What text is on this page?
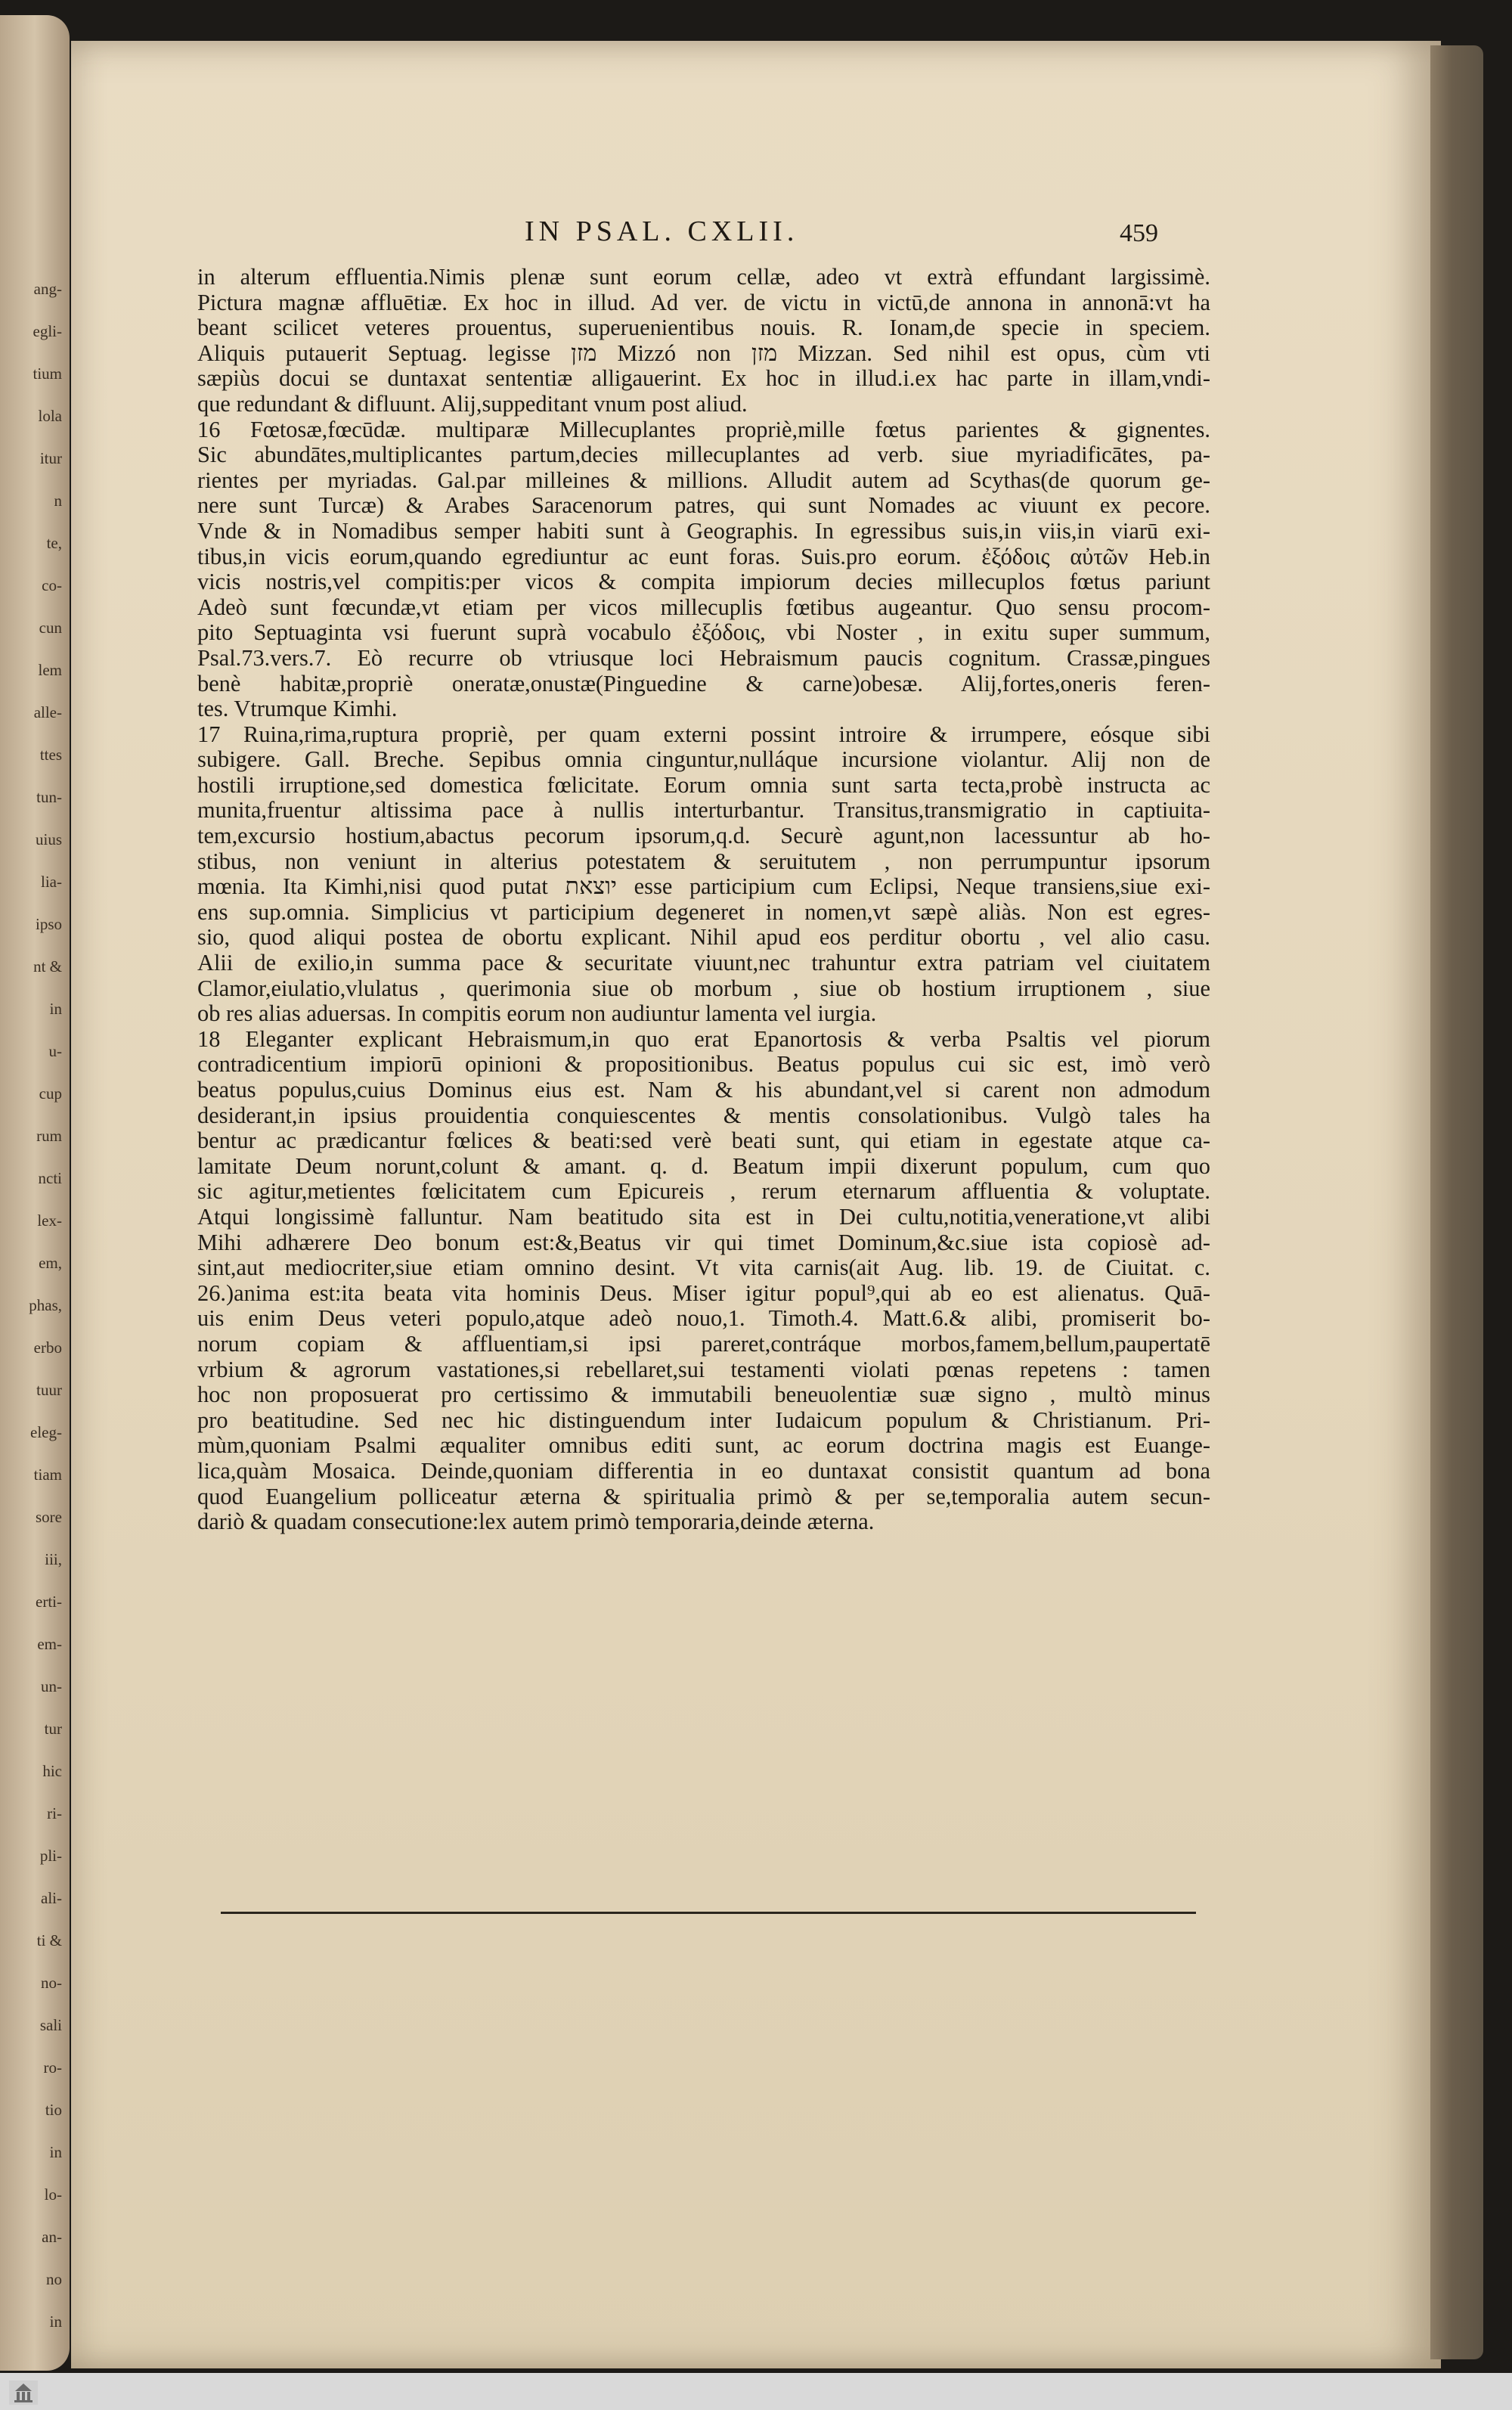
ang-
egli-
tium
lola
itur
n
te,
co-
cun
lem
alle-
ttes
tun-
uius
lia-
ipso
nt &
in
u-
cup
rum
ncti
lex-
em,
phas,
erbo
tuur
eleg-
tiam
sore
iii,
erti-
em-
un-
tur
hic
ri-
pli-
ali-
ti &
no-
sali
ro-
tio
in
lo-
an-
no
in
IN PSAL. CXLII.	459
in alterum effluentia.Nimis plenæ sunt eorum cellæ, adeo vt extrà effundant largissimè.
Pictura magnæ affluētiæ. Ex hoc in illud. Ad ver. de victu in victū,de annona in annonā:vt ha
beant scilicet veteres prouentus, superuenientibus nouis. R. Ionam,de specie in speciem.
Aliquis putauerit Septuag. legisse מזן Mizzó non מזן Mizzan. Sed nihil est opus, cùm vti
sæpiùs docui se duntaxat sententiæ alligauerint. Ex hoc in illud.i.ex hac parte in illam,vndi-
que redundant & difluunt. Alij,suppeditant vnum post aliud.
16 Fœtosæ,fœcūdæ. multiparæ Millecuplantes propriè,mille fœtus parientes & gignentes.
Sic abundātes,multiplicantes partum,decies millecuplantes ad verb. siue myriadificātes, pa-
rientes per myriadas. Gal.par milleines & millions. Alludit autem ad Scythas(de quorum ge-
nere sunt Turcæ) & Arabes Saracenorum patres, qui sunt Nomades ac viuunt ex pecore.
Vnde & in Nomadibus semper habiti sunt à Geographis. In egressibus suis,in viis,in viarū exi-
tibus,in vicis eorum,quando egrediuntur ac eunt foras. Suis.pro eorum. ἐξόδοις αὐτῶν Heb.in
vicis nostris,vel compitis:per vicos & compita impiorum decies millecuplos fœtus pariunt
Adeò sunt fœcundæ,vt etiam per vicos millecuplis fœtibus augeantur. Quo sensu procom-
pito Septuaginta vsi fuerunt suprà vocabulo ἐξόδοις, vbi Noster , in exitu super summum,
Psal.73.vers.7. Eò recurre ob vtriusque loci Hebraismum paucis cognitum. Crassæ,pingues
benè habitæ,propriè oneratæ,onustæ(Pinguedine & carne)obesæ. Alij,fortes,oneris feren-
tes. Vtrumque Kimhi.
17 Ruina,rima,ruptura propriè, per quam externi possint introire & irrumpere, eósque sibi
subigere. Gall. Breche. Sepibus omnia cinguntur,nulláque incursione violantur. Alij non de
hostili irruptione,sed domestica fœlicitate. Eorum omnia sunt sarta tecta,probè instructa ac
munita,fruentur altissima pace à nullis interturbantur. Transitus,transmigratio in captiuita-
tem,excursio hostium,abactus pecorum ipsorum,q.d. Securè agunt,non lacessuntur ab ho-
stibus, non veniunt in alterius potestatem & seruitutem , non perrumpuntur ipsorum
mœnia. Ita Kimhi,nisi quod putat יוצאת esse participium cum Eclipsi, Neque transiens,siue exi-
ens sup.omnia. Simplicius vt participium degeneret in nomen,vt sæpè aliàs. Non est egres-
sio, quod aliqui postea de obortu explicant. Nihil apud eos perditur obortu , vel alio casu.
Alii de exilio,in summa pace & securitate viuunt,nec trahuntur extra patriam vel ciuitatem
Clamor,eiulatio,vlulatus , querimonia siue ob morbum , siue ob hostium irruptionem , siue
ob res alias aduersas. In compitis eorum non audiuntur lamenta vel iurgia.
18 Eleganter explicant Hebraismum,in quo erat Epanortosis & verba Psaltis vel piorum
contradicentium impiorū opinioni & propositionibus. Beatus populus cui sic est, imò verò
beatus populus,cuius Dominus eius est. Nam & his abundant,vel si carent non admodum
desiderant,in ipsius prouidentia conquiescentes & mentis consolationibus. Vulgò tales ha
bentur ac prædicantur fœlices & beati:sed verè beati sunt, qui etiam in egestate atque ca-
lamitate Deum norunt,colunt & amant. q. d. Beatum impii dixerunt populum, cum quo
sic agitur,metientes fœlicitatem cum Epicureis , rerum eternarum affluentia & voluptate.
Atqui longissimè falluntur. Nam beatitudo sita est in Dei cultu,notitia,veneratione,vt alibi
Mihi adhærere Deo bonum est:&,Beatus vir qui timet Dominum,&c.siue ista copiosè ad-
sint,aut mediocriter,siue etiam omnino desint. Vt vita carnis(ait Aug. lib. 19. de Ciuitat. c.
26.)anima est:ita beata vita hominis Deus. Miser igitur popul⁹,qui ab eo est alienatus. Quā-
uis enim Deus veteri populo,atque adeò nouo,1. Timoth.4. Matt.6.& alibi, promiserit bo-
norum copiam & affluentiam,si ipsi pareret,contráque morbos,famem,bellum,paupertatē
vrbium & agrorum vastationes,si rebellaret,sui testamenti violati pœnas repetens : tamen
hoc non proposuerat pro certissimo & immutabili beneuolentiæ suæ signo , multò minus
pro beatitudine. Sed nec hic distinguendum inter Iudaicum populum & Christianum. Pri-
mùm,quoniam Psalmi æqualiter omnibus editi sunt, ac eorum doctrina magis est Euange-
lica,quàm Mosaica. Deinde,quoniam differentia in eo duntaxat consistit quantum ad bona
quod Euangelium polliceatur æterna & spiritualia primò & per se,temporalia autem secun-
dariò & quadam consecutione:lex autem primò temporaria,deinde æterna.
